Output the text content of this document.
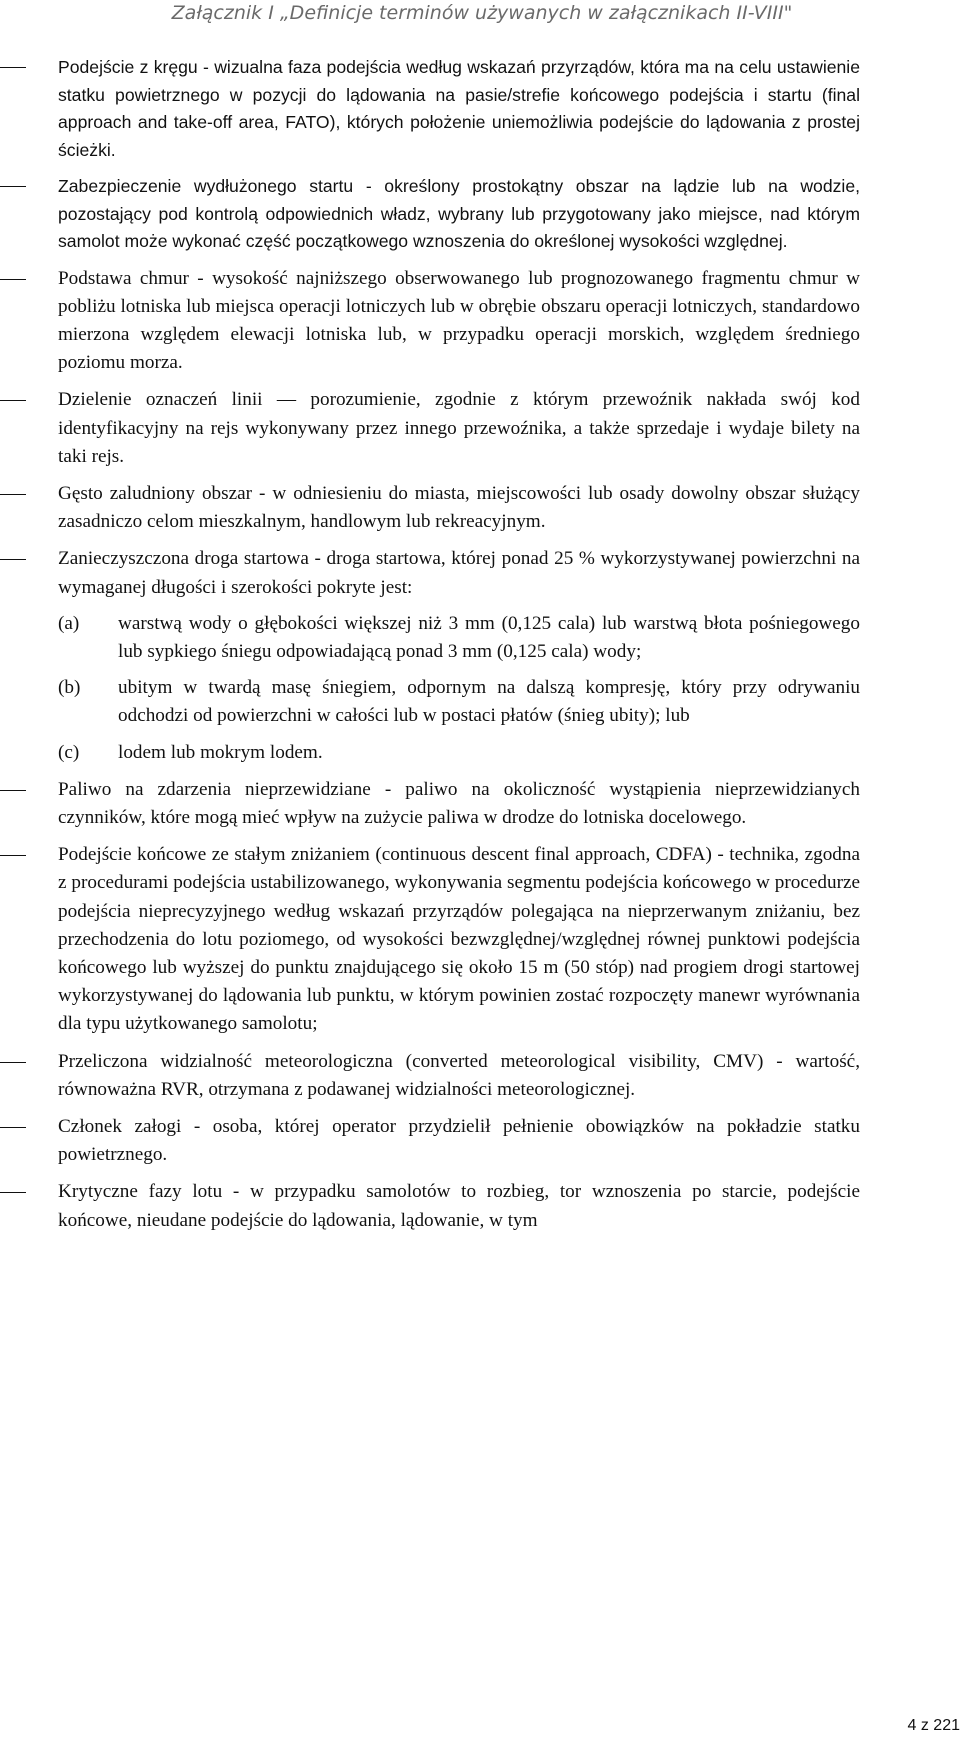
Załącznik I „Definicje terminów używanych w załącznikach II-VIII"

Podejście z kręgu - wizualna faza podejścia według wskazań przyrządów, która ma na celu ustawienie statku powietrznego w pozycji do lądowania na pasie/strefie końcowego podejścia i startu (final approach and take-off area, FATO), których położenie uniemożliwia podejście do lądowania z prostej ścieżki.

Zabezpieczenie wydłużonego startu - określony prostokątny obszar na lądzie lub na wodzie, pozostający pod kontrolą odpowiednich władz, wybrany lub przygotowany jako miejsce, nad którym samolot może wykonać część początkowego wznoszenia do określonej wysokości względnej.

Podstawa chmur - wysokość najniższego obserwowanego lub prognozowanego fragmentu chmur w pobliżu lotniska lub miejsca operacji lotniczych lub w obrębie obszaru operacji lotniczych, standardowo mierzona względem elewacji lotniska lub, w przypadku operacji morskich, względem średniego poziomu morza.

Dzielenie oznaczeń linii ― porozumienie, zgodnie z którym przewoźnik nakłada swój kod identyfikacyjny na rejs wykonywany przez innego przewoźnika, a także sprzedaje i wydaje bilety na taki rejs.

Gęsto zaludniony obszar - w odniesieniu do miasta, miejscowości lub osady dowolny obszar służący zasadniczo celom mieszkalnym, handlowym lub rekreacyjnym.

Zanieczyszczona droga startowa - droga startowa, której ponad 25 % wykorzystywanej powierzchni na wymaganej długości i szerokości pokryte jest:

(a) warstwą wody o głębokości większej niż 3 mm (0,125 cala) lub warstwą błota pośniegowego lub sypkiego śniegu odpowiadającą ponad 3 mm (0,125 cala) wody;
(b) ubitym w twardą masę śniegiem, odpornym na dalszą kompresję, który przy odrywaniu odchodzi od powierzchni w całości lub w postaci płatów (śnieg ubity); lub
(c) lodem lub mokrym lodem.

Paliwo na zdarzenia nieprzewidziane - paliwo na okoliczność wystąpienia nieprzewidzianych czynników, które mogą mieć wpływ na zużycie paliwa w drodze do lotniska docelowego.

Podejście końcowe ze stałym zniżaniem (continuous descent final approach, CDFA) - technika, zgodna z procedurami podejścia ustabilizowanego, wykonywania segmentu podejścia końcowego w procedurze podejścia nieprecyzyjnego według wskazań przyrządów polegająca na nieprzerwanym zniżaniu, bez przechodzenia do lotu poziomego, od wysokości bezwzględnej/względnej równej punktowi podejścia końcowego lub wyższej do punktu znajdującego się około 15 m (50 stóp) nad progiem drogi startowej wykorzystywanej do lądowania lub punktu, w którym powinien zostać rozpoczęty manewr wyrównania dla typu użytkowanego samolotu;

Przeliczona widzialność meteorologiczna (converted meteorological visibility, CMV) - wartość, równoważna RVR, otrzymana z podawanej widzialności meteorologicznej.

Członek załogi - osoba, której operator przydzielił pełnienie obowiązków na pokładzie statku powietrznego.

Krytyczne fazy lotu - w przypadku samolotów to rozbieg, tor wznoszenia po starcie, podejście końcowe, nieudane podejście do lądowania, lądowanie, w tym

4 z 221
